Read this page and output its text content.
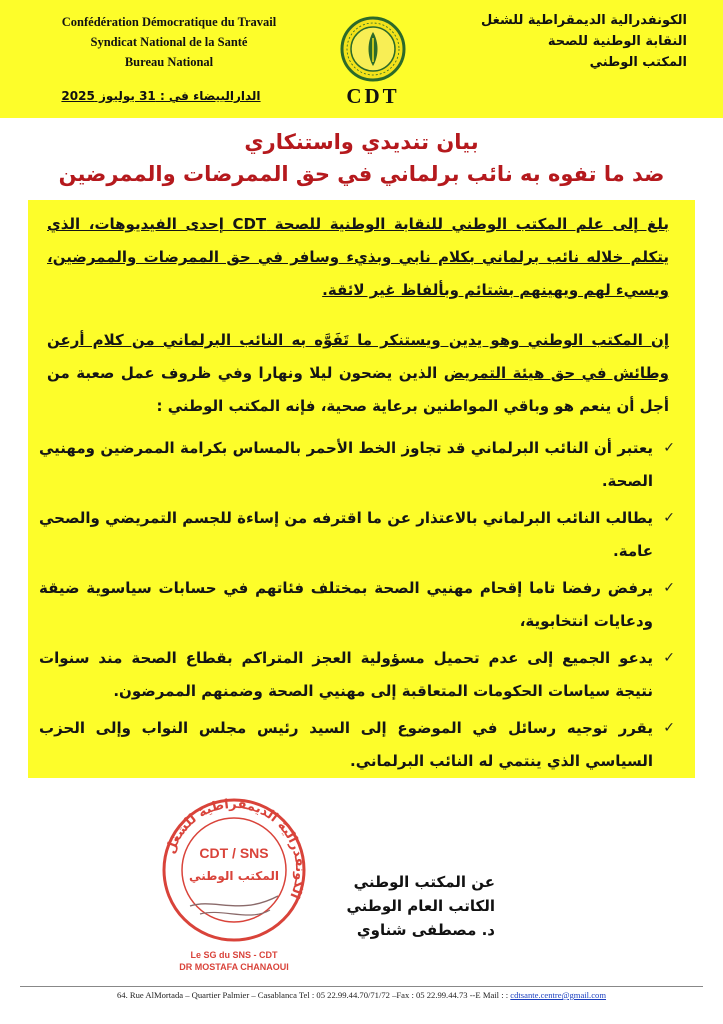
Confédération Démocratique du Travail
Syndicat National de la Santé
Bureau National
الكونفدرالية الديمقراطية للشغل
النقابة الوطنية للصحة
المكتب الوطني
CDT
الدارالبيضاء في : 31 يوليوز 2025
بيان تنديدي واستنكاري
ضد ما تفوه به نائب برلماني في حق الممرضات والممرضين
بلغ إلى علم المكتب الوطني للنقابة الوطنية للصحة CDT إحدى الفيديوهات، الذي يتكلم خلاله نائب برلماني بكلام نابي وبذيء وسافر في حق الممرضات والممرضين، ويسيء لهم ويهينهم بشتائم وبألفاظ غير لائقة.
إن المكتب الوطني وهو يدين ويستنكر ما تَفَوَّه به النائب البرلماني من كلام أرعن وطائش في حق هيئة التمريض الذين يضحون ليلا ونهارا وفي ظروف عمل صعبة من أجل أن ينعم هو وباقي المواطنين برعاية صحية، فإنه المكتب الوطني :
✓
يعتبر أن النائب البرلماني قد تجاوز الخط الأحمر بالمساس بكرامة الممرضين ومهنيي الصحة.
✓
يطالب النائب البرلماني بالاعتذار عن ما اقترفه من إساءة للجسم التمريضي والصحي عامة.
✓
يرفض رفضا تاما إقحام مهنيي الصحة بمختلف فئاتهم في حسابات سياسوية ضيقة ودعايات انتخابوية،
✓
يدعو الجميع إلى عدم تحميل مسؤولية العجز المتراكم بقطاع الصحة مند سنوات نتيجة سياسات الحكومات المتعاقبة إلى مهنيي الصحة وضمنهم الممرضون.
✓
يقرر توجيه رسائل في الموضوع إلى السيد رئيس مجلس النواب وإلى الحزب السياسي الذي ينتمي له النائب البرلماني.
الكونفدرالية الديمقراطية للشغل
CDT / SNS
المكتب الوطني
Le SG du SNS - CDT
DR MOSTAFA CHANAOUI
عن المكتب الوطني
الكاتب العام الوطني
د. مصطفى شناوي
64. Rue AlMortada – Quartier Palmier – Casablanca Tel : 05 22.99.44.70/71/72 –Fax : 05 22.99.44.73 --E Mail : : cdtsante.centre@gmail.com
